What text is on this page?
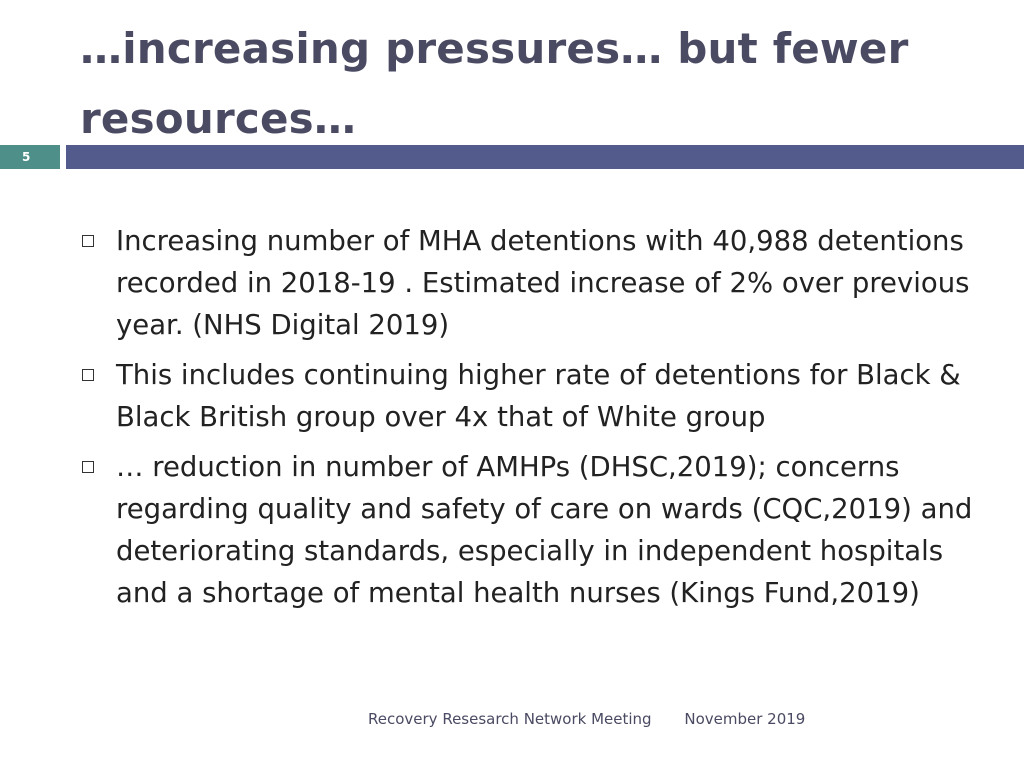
…increasing pressures… but fewer resources…
5
Increasing number of MHA detentions with 40,988 detentions recorded in 2018-19 . Estimated increase of 2% over previous year. (NHS Digital 2019)
This includes continuing higher rate of detentions for Black & Black British group over 4x that of White group
… reduction in number of AMHPs (DHSC,2019); concerns regarding quality and safety of care on wards (CQC,2019) and deteriorating standards, especially in independent hospitals and a shortage of mental health nurses (Kings Fund,2019)
Recovery Resesarch Network Meeting November 2019
